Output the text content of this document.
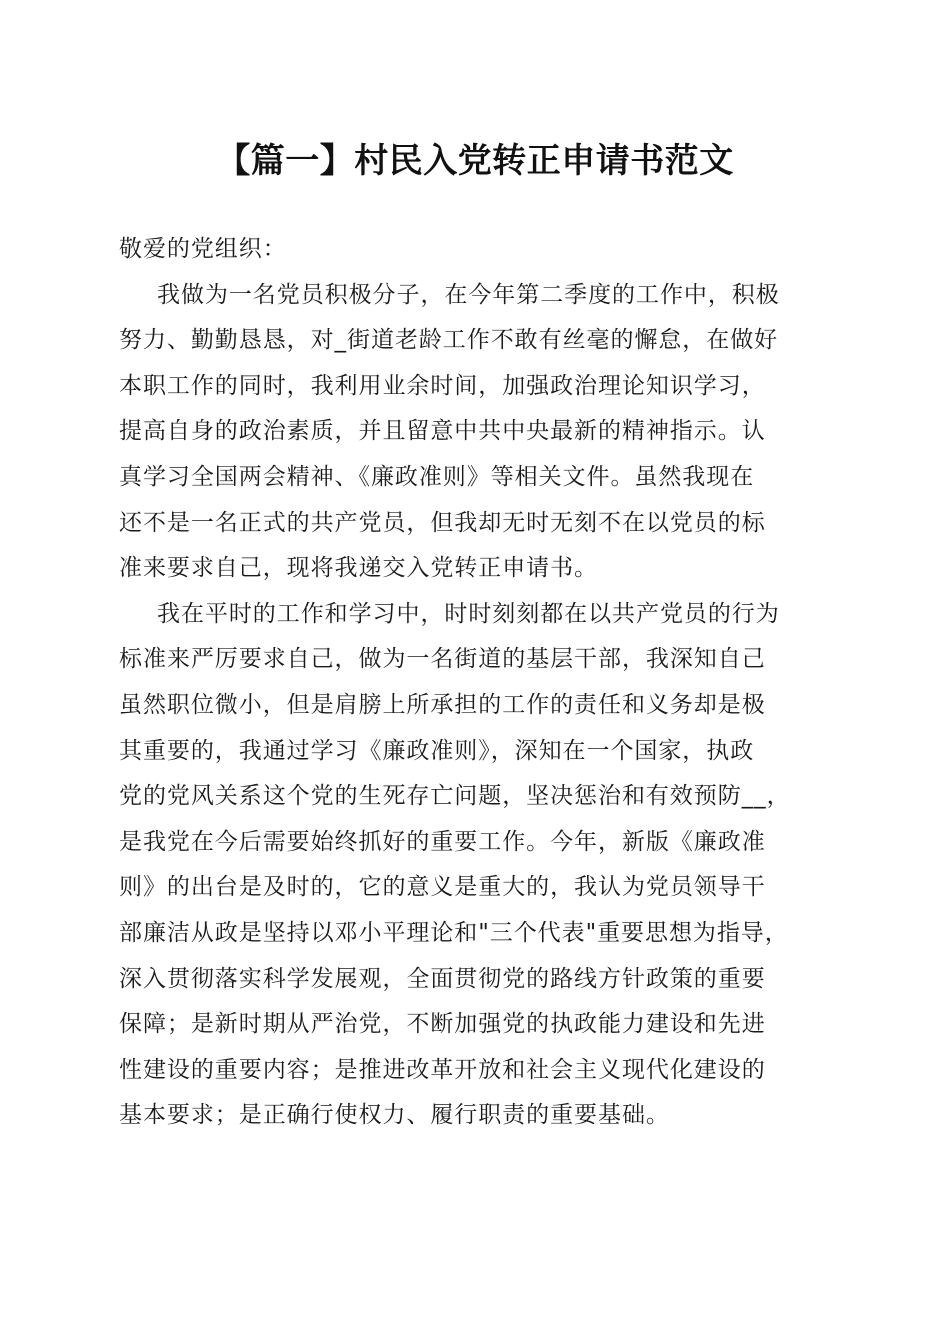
【篇一】村民入党转正申请书范文
敬爱的党组织：
我做为一名党员积极分子，在今年第二季度的工作中，积极
努力、勤勤恳恳，对_街道老龄工作不敢有丝毫的懈怠，在做好
本职工作的同时，我利用业余时间，加强政治理论知识学习，
提高自身的政治素质，并且留意中共中央最新的精神指示。认
真学习全国两会精神、《廉政准则》等相关文件。虽然我现在
还不是一名正式的共产党员，但我却无时无刻不在以党员的标
准来要求自己，现将我递交入党转正申请书。
我在平时的工作和学习中，时时刻刻都在以共产党员的行为
标准来严厉要求自己，做为一名街道的基层干部，我深知自己
虽然职位微小，但是肩膀上所承担的工作的责任和义务却是极
其重要的，我通过学习《廉政准则》，深知在一个国家，执政
党的党风关系这个党的生死存亡问题，坚决惩治和有效预防__，
是我党在今后需要始终抓好的重要工作。今年，新版《廉政准
则》的出台是及时的，它的意义是重大的，我认为党员领导干
部廉洁从政是坚持以邓小平理论和"三个代表"重要思想为指导，
深入贯彻落实科学发展观，全面贯彻党的路线方针政策的重要
保障；是新时期从严治党，不断加强党的执政能力建设和先进
性建设的重要内容；是推进改革开放和社会主义现代化建设的
基本要求；是正确行使权力、履行职责的重要基础。
